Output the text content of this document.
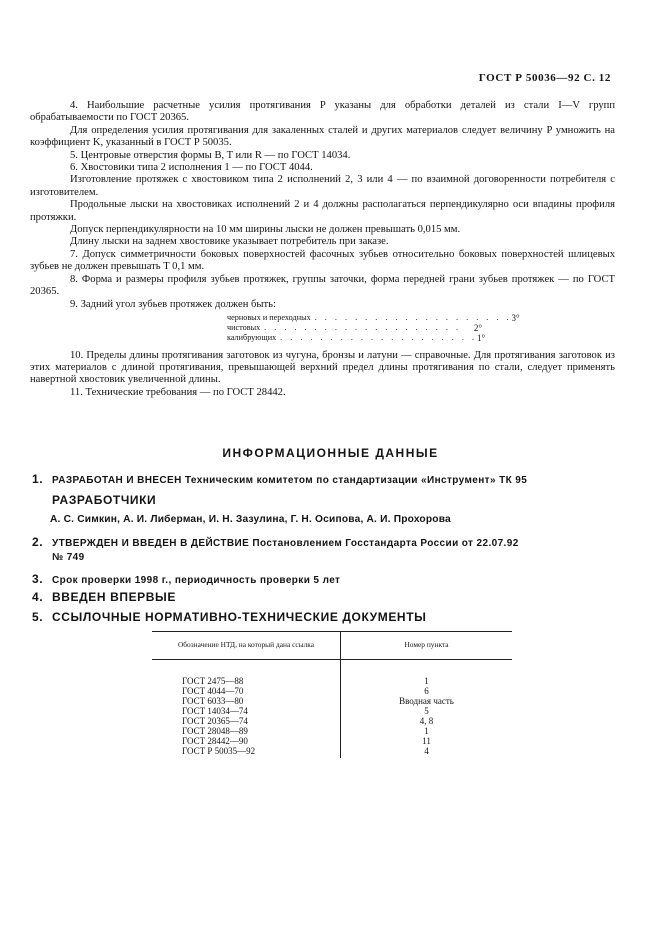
ГОСТ Р 50036—92 С. 12

4. Наибольшие расчетные усилия протягивания P указаны для обработки деталей из стали I—V групп обрабатываемости по ГОСТ 20365.

Для определения усилия протягивания для закаленных сталей и других материалов следует величину P умножить на коэффициент K, указанный в ГОСТ Р 50035.

5. Центровые отверстия формы B, T или R — по ГОСТ 14034.

6. Хвостовики типа 2 исполнения 1 — по ГОСТ 4044.

Изготовление протяжек с хвостовиком типа 2 исполнений 2, 3 или 4 — по взаимной договоренности потребителя с изготовителем.

Продольные лыски на хвостовиках исполнений 2 и 4 должны располагаться перпендикулярно оси впадины профиля протяжки.

Допуск перпендикулярности на 10 мм ширины лыски не должен превышать 0,015 мм.

Длину лыски на заднем хвостовике указывает потребитель при заказе.

7. Допуск симметричности боковых поверхностей фасочных зубьев относительно боковых поверхностей шлицевых зубьев не должен превышать T 0,1 мм.

8. Форма и размеры профиля зубьев протяжек, группы заточки, форма передней грани зубьев протяжек — по ГОСТ 20365.

9. Задний угол зубьев протяжек должен быть:

черновых и переходных . . . . . . . . . . . . . . . . . . . . 3°
чистовых . . . . . . . . . . . . . . . . . . . .	2°
калибрующих . . . . . . . . . . . . . . . . . . . . 1°

10. Пределы длины протягивания заготовок из чугуна, бронзы и латуни — справочные. Для протягивания заготовок из этих материалов с длиной протягивания, превышающей верхний предел длины протягивания по стали, следует применять навертной хвостовик увеличенной длины.

11. Технические требования — по ГОСТ 28442.

ИНФОРМАЦИОННЫЕ ДАННЫЕ
1. РАЗРАБОТАН И ВНЕСЕН Техническим комитетом по стандартизации «Инструмент» ТК 95
РАЗРАБОТЧИКИ
А. С. Симкин, А. И. Либерман, И. Н. Зазулина, Г. Н. Осипова, А. И. Прохорова
2. УТВЕРЖДЕН И ВВЕДЕН В ДЕЙСТВИЕ Постановлением Госстандарта России от 22.07.92
№ 749
3. Срок проверки 1998 г., периодичность проверки 5 лет
4. ВВЕДЕН ВПЕРВЫЕ
5. ССЫЛОЧНЫЕ НОРМАТИВНО-ТЕХНИЧЕСКИЕ ДОКУМЕНТЫ
Обозначение НТД, на который дана ссылка	Номер пункта
ГОСТ 2475—88	1
ГОСТ 4044—70	6
ГОСТ 6033—80	Вводная часть
ГОСТ 14034—74	5
ГОСТ 20365—74	4, 8
ГОСТ 28048—89	1
ГОСТ 28442—90	11
ГОСТ Р 50035—92	4
